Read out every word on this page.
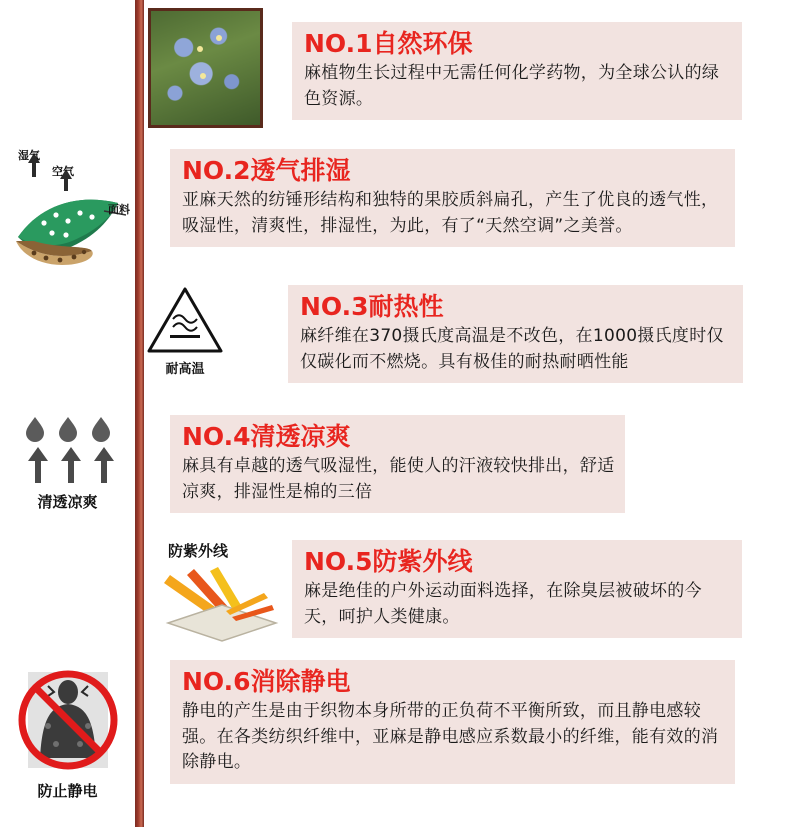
NO.1自然环保
麻植物生长过程中无需任何化学药物，为全球公认的绿色资源。
湿气
空气
面料
NO.2透气排湿
亚麻天然的纺锤形结构和独特的果胶质斜扁孔，产生了优良的透气性，吸湿性，清爽性，排湿性，为此，有了“天然空调”之美誉。
耐高温
NO.3耐热性
麻纤维在370摄氏度高温是不改色，在1000摄氏度时仅仅碳化而不燃烧。具有极佳的耐热耐晒性能
清透凉爽
NO.4清透凉爽
麻具有卓越的透气吸湿性，能使人的汗液较快排出，舒适凉爽，排湿性是棉的三倍
防紫外线	NO.5防紫外线
麻是绝佳的户外运动面料选择，在除臭层被破坏的今天，呵护人类健康。
防止静电
NO.6消除静电
静电的产生是由于织物本身所带的正负荷不平衡所致，而且静电感较强。在各类纺织纤维中，亚麻是静电感应系数最小的纤维，能有效的消除静电。
